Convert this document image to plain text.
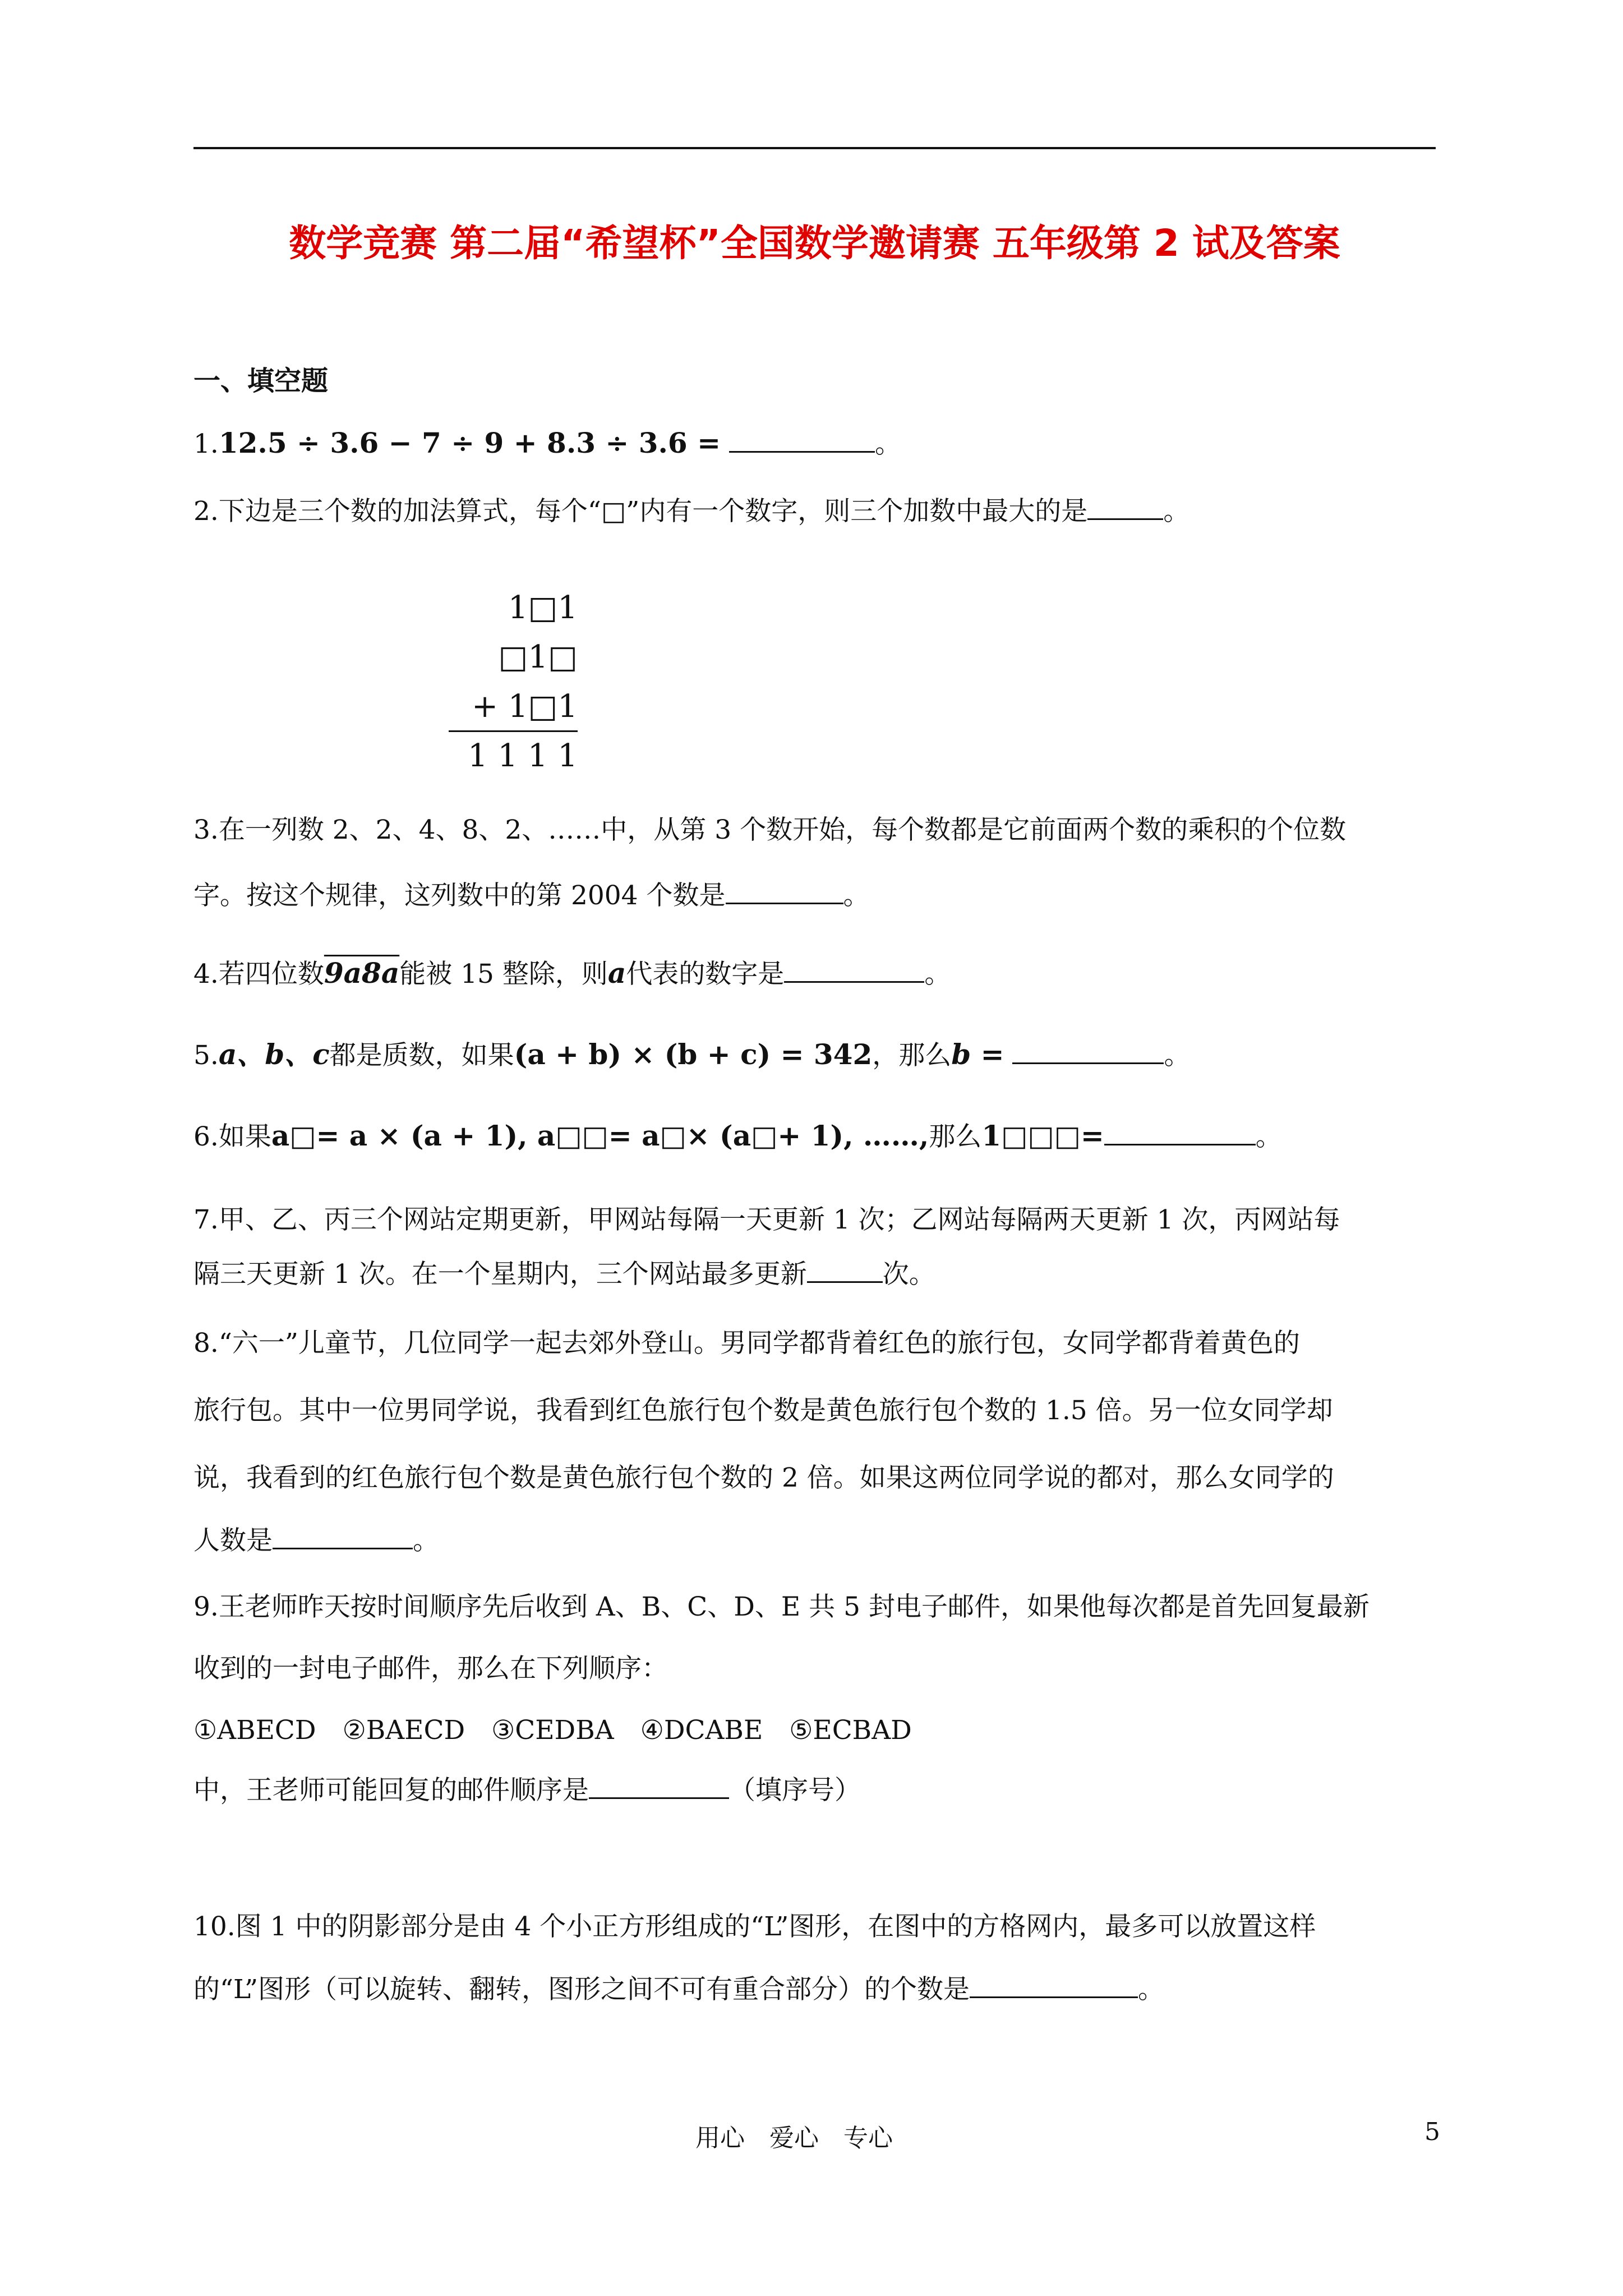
数学竞赛 第二届“希望杯”全国数学邀请赛 五年级第 2 试及答案
一、填空题
1.12.5 ÷ 3.6 − 7 ÷ 9 + 8.3 ÷ 3.6 =	。
2.下边是三个数的加法算式，每个“□”内有一个数字，则三个加数中最大的是	。
1□1
□1□
+ 1□1
1 1 1 1
3.在一列数 2、2、4、8、2、……中，从第 3 个数开始，每个数都是它前面两个数的乘积的个位数
字。按这个规律，这列数中的第 2004 个数是	。
4.若四位数9a8a能被 15 整除，则a代表的数字是	。
5.a、b、c都是质数，如果(a + b) × (b + c) = 342，那么b =	。
6.如果a□= a × (a + 1), a□□= a□× (a□+ 1), ……,那么1□□□=	。
7.甲、乙、丙三个网站定期更新，甲网站每隔一天更新 1 次；乙网站每隔两天更新 1 次，丙网站每
隔三天更新 1 次。在一个星期内，三个网站最多更新	次。
8.“六一”儿童节，几位同学一起去郊外登山。男同学都背着红色的旅行包，女同学都背着黄色的
旅行包。其中一位男同学说，我看到红色旅行包个数是黄色旅行包个数的 1.5 倍。另一位女同学却
说，我看到的红色旅行包个数是黄色旅行包个数的 2 倍。如果这两位同学说的都对，那么女同学的
人数是	。
9.王老师昨天按时间顺序先后收到 A、B、C、D、E 共 5 封电子邮件，如果他每次都是首先回复最新
收到的一封电子邮件，那么在下列顺序：
①ABECD　②BAECD　③CEDBA　④DCABE　⑤ECBAD
中，王老师可能回复的邮件顺序是	（填序号）
10.图 1 中的阴影部分是由 4 个小正方形组成的“L”图形，在图中的方格网内，最多可以放置这样
的“L”图形（可以旋转、翻转，图形之间不可有重合部分）的个数是	。
用心　爱心　专心	5
